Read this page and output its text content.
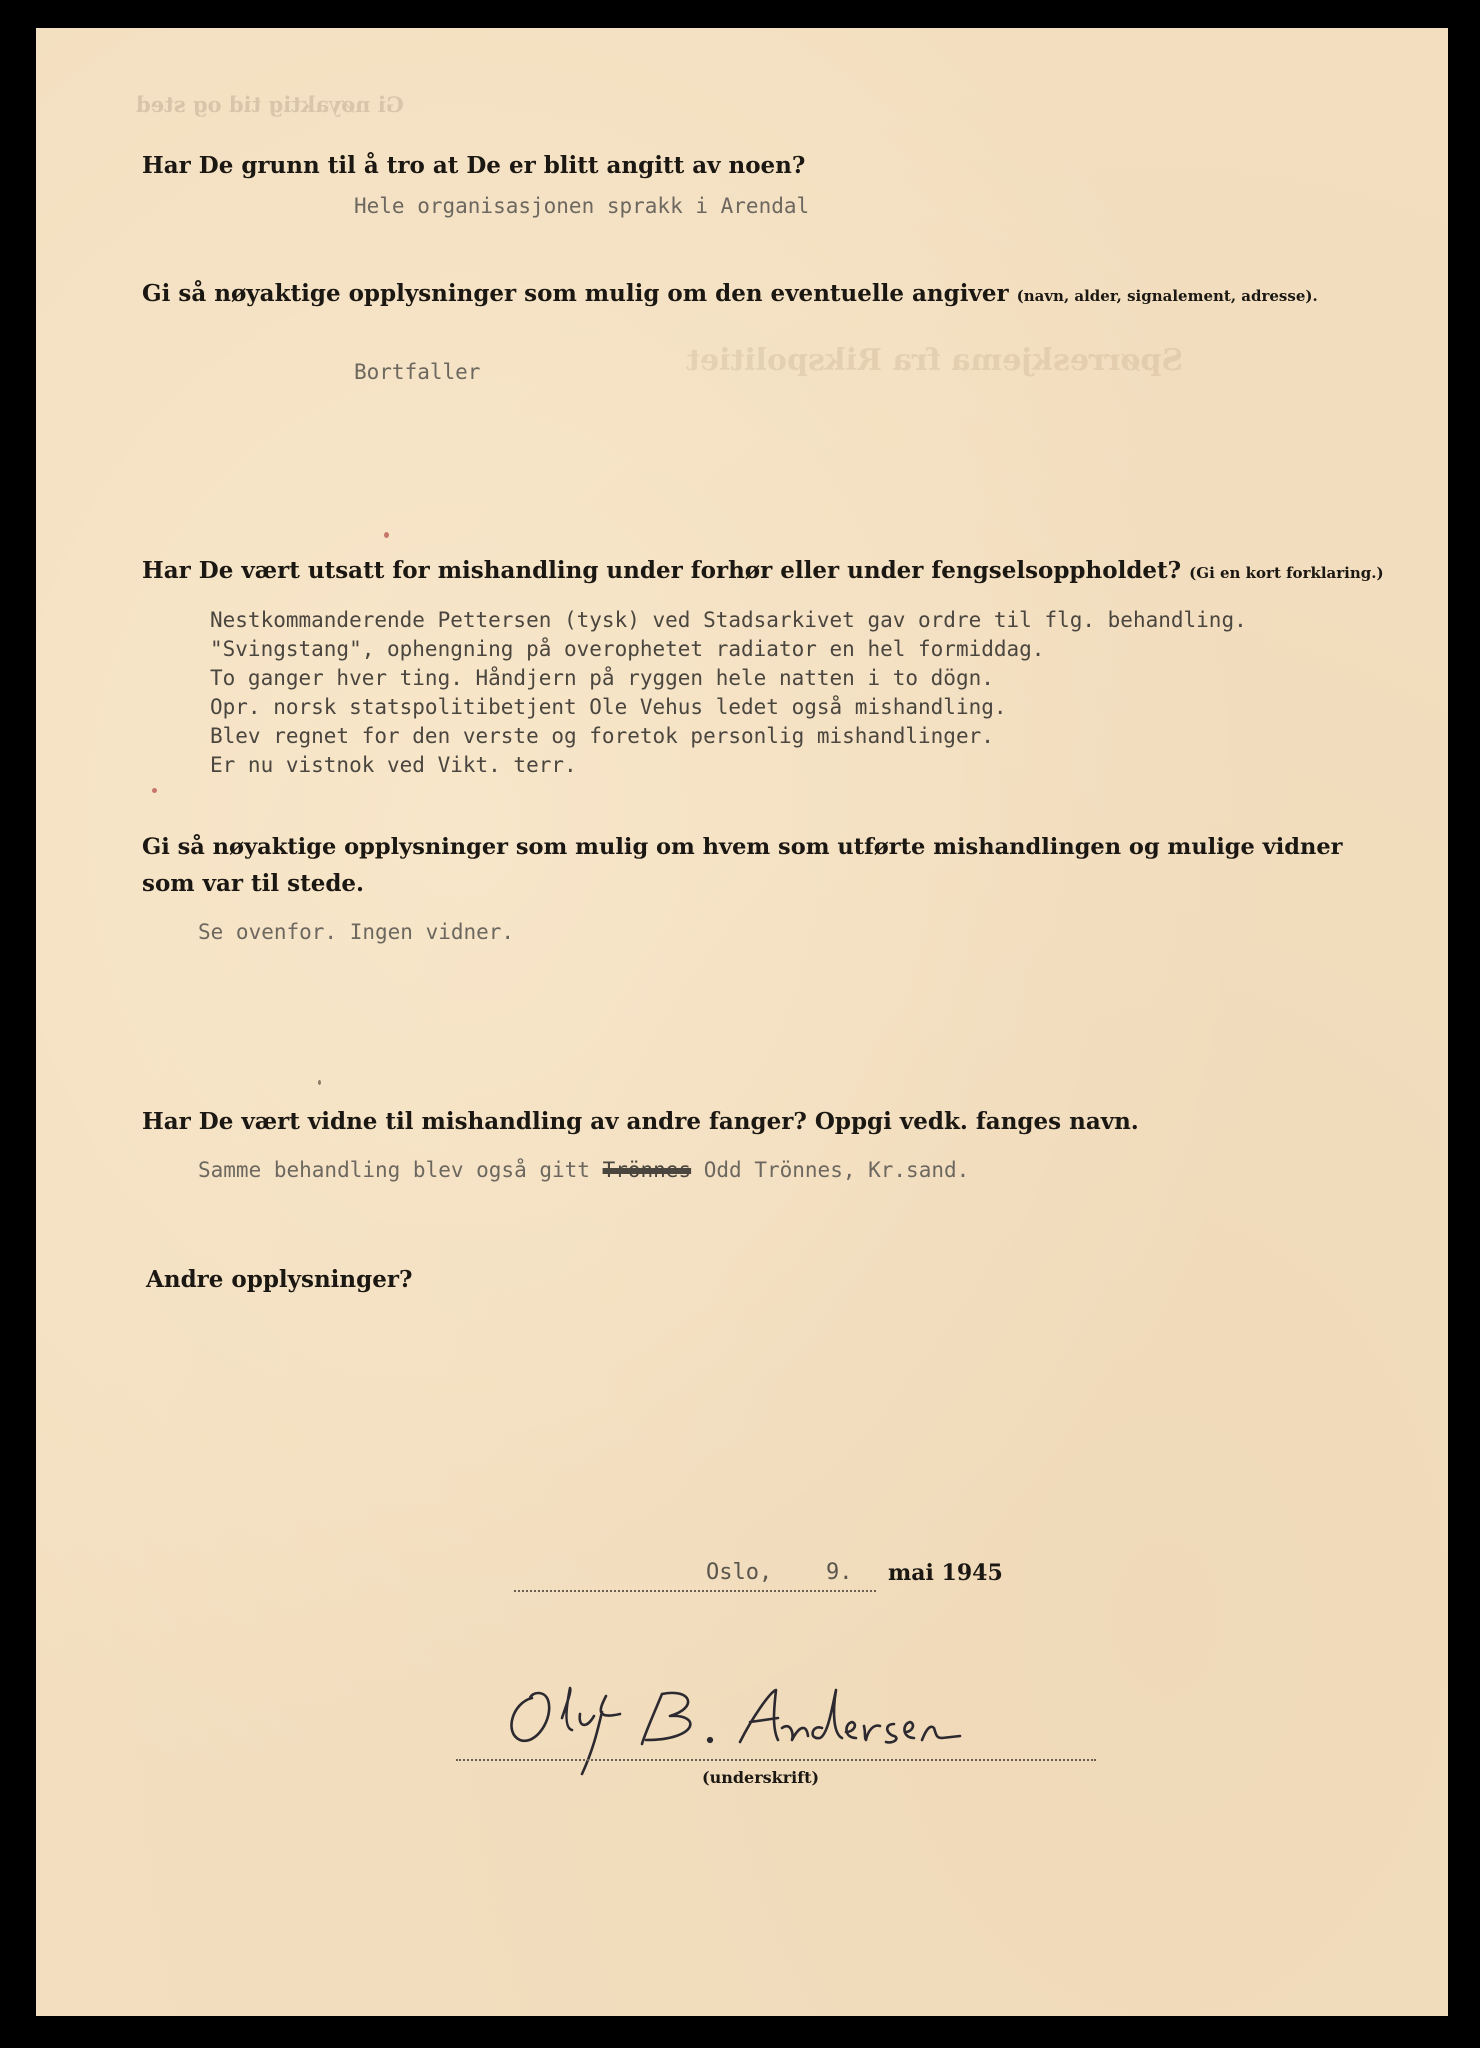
Gi nøyaktig tid og sted
Spørreskjema fra Rikspolitiet
Har De grunn til å tro at De er blitt angitt av noen?
Hele organisasjonen sprakk i Arendal
Gi så nøyaktige opplysninger som mulig om den eventuelle angiver (navn, alder, signalement, adresse).
Bortfaller
Har De vært utsatt for mishandling under forhør eller under fengselsoppholdet? (Gi en kort forklaring.)
Nestkommanderende Pettersen (tysk) ved Stadsarkivet gav ordre til flg. behandling.
"Svingstang", ophengning på overophetet radiator en hel formiddag.
To ganger hver ting. Håndjern på ryggen hele natten i to dögn.
Opr. norsk statspolitibetjent Ole Vehus ledet også mishandling.
Blev regnet for den verste og foretok personlig mishandlinger.
Er nu vistnok ved Vikt. terr.
Gi så nøyaktige opplysninger som mulig om hvem som utførte mishandlingen og mulige vidner
som var til stede.
Se ovenfor. Ingen vidner.
Har De vært vidne til mishandling av andre fanger? Oppgi vedk. fanges navn.
Samme behandling blev også gitt Trönnes Odd Trönnes, Kr.sand.
Andre opplysninger?
Oslo, 9. mai 1945
(underskrift)
